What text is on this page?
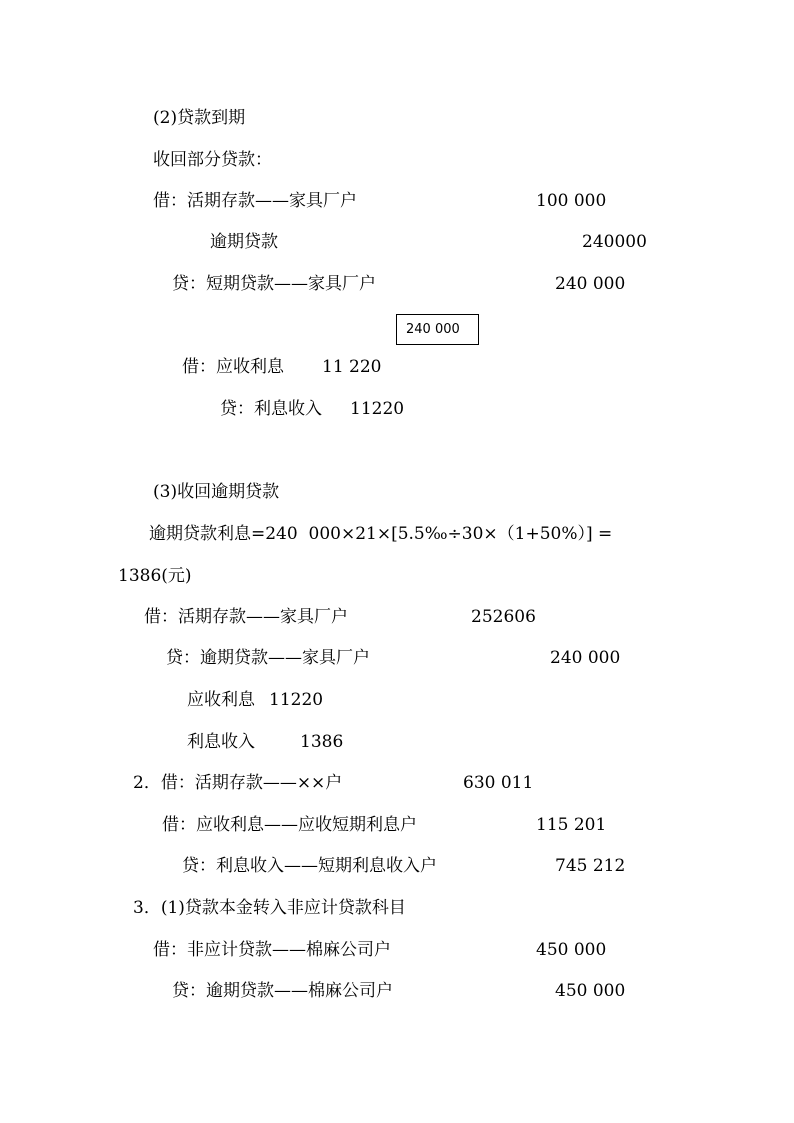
(2)贷款到期
收回部分贷款：
借：活期存款——家具厂户	100 000
逾期贷款	240000
贷：短期贷款——家具厂户	240 000
240 000
借：应收利息 11 220
贷：利息收入 11220
(3)收回逾期贷款
逾期贷款利息=240  000×21×[5.5‰÷30×（1+50%）] =
1386(元)
借：活期存款——家具厂户	252606
贷：逾期贷款——家具厂户	240 000
应收利息 11220
利息收入	1386
2．借：活期存款——××户	630 011
借：应收利息——应收短期利息户	115 201
贷：利息收入——短期利息收入户	745 212
3．(1)贷款本金转入非应计贷款科目
借：非应计贷款——棉麻公司户	450 000
贷：逾期贷款——棉麻公司户	450 000
